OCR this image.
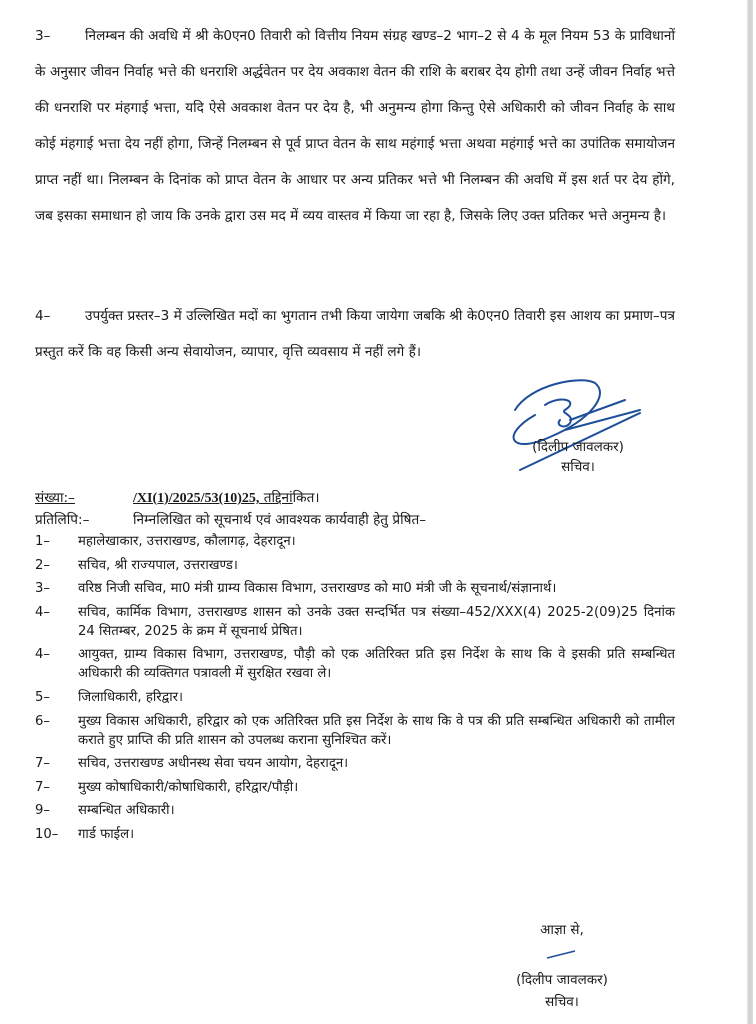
3–	निलम्बन की अवधि में श्री के0एन0 तिवारी को वित्तीय नियम संग्रह खण्ड–2 भाग–2 से 4 के मूल नियम 53 के प्राविधानों के अनुसार जीवन निर्वाह भत्ते की धनराशि अर्द्धवेतन पर देय अवकाश वेतन की राशि के बराबर देय होगी तथा उन्हें जीवन निर्वाह भत्ते की धनराशि पर मंहगाई भत्ता, यदि ऐसे अवकाश वेतन पर देय है, भी अनुमन्य होगा किन्तु ऐसे अधिकारी को जीवन निर्वाह के साथ कोई मंहगाई भत्ता देय नहीं होगा, जिन्हें निलम्बन से पूर्व प्राप्त वेतन के साथ महंगाई भत्ता अथवा महंगाई भत्ते का उपांतिक समायोजन प्राप्त नहीं था। निलम्बन के दिनांक को प्राप्त वेतन के आधार पर अन्य प्रतिकर भत्ते भी निलम्बन की अवधि में इस शर्त पर देय होंगे, जब इसका समाधान हो जाय कि उनके द्वारा उस मद में व्यय वास्तव में किया जा रहा है, जिसके लिए उक्त प्रतिकर भत्ते अनुमन्य है।
4–	उपर्युक्त प्रस्तर–3 में उल्लिखित मदों का भुगतान तभी किया जायेगा जबकि श्री के0एन0 तिवारी इस आशय का प्रमाण–पत्र प्रस्तुत करें कि वह किसी अन्य सेवायोजन, व्यापार, वृत्ति व्यवसाय में नहीं लगे हैं।
(दिलीप जावलकर)
सचिव।
संख्या:–	/XI(1)/2025/53(10)25, तद्दिनांकित।
प्रतिलिपि:–	निम्नलिखित को सूचनार्थ एवं आवश्यक कार्यवाही हेतु प्रेषित–
1–	महालेखाकार, उत्तराखण्ड, कौलागढ़, देहरादून।
2–	सचिव, श्री राज्यपाल, उत्तराखण्ड।
3–	वरिष्ठ निजी सचिव, मा0 मंत्री ग्राम्य विकास विभाग, उत्तराखण्ड को मा0 मंत्री जी के सूचनार्थ/संज्ञानार्थ।
4–	सचिव, कार्मिक विभाग, उत्तराखण्ड शासन को उनके उक्त सन्दर्भित पत्र संख्या–452/XXX(4) 2025-2(09)25 दिनांक 24 सितम्बर, 2025 के क्रम में सूचनार्थ प्रेषित।
4–	आयुक्त, ग्राम्य विकास विभाग, उत्तराखण्ड, पौड़ी को एक अतिरिक्त प्रति इस निर्देश के साथ कि वे इसकी प्रति सम्बन्धित अधिकारी की व्यक्तिगत पत्रावली में सुरक्षित रखवा ले।
5–	जिलाधिकारी, हरिद्वार।
6–	मुख्य विकास अधिकारी, हरिद्वार को एक अतिरिक्त प्रति इस निर्देश के साथ कि वे पत्र की प्रति सम्बन्धित अधिकारी को तामील कराते हुए प्राप्ति की प्रति शासन को उपलब्ध कराना सुनिश्चित करें।
7–	सचिव, उत्तराखण्ड अधीनस्थ सेवा चयन आयोग, देहरादून।
7–	मुख्य कोषाधिकारी/कोषाधिकारी, हरिद्वार/पौड़ी।
9–	सम्बन्धित अधिकारी।
10–	गार्ड फाईल।
आज्ञा से,
(दिलीप जावलकर)
सचिव।
